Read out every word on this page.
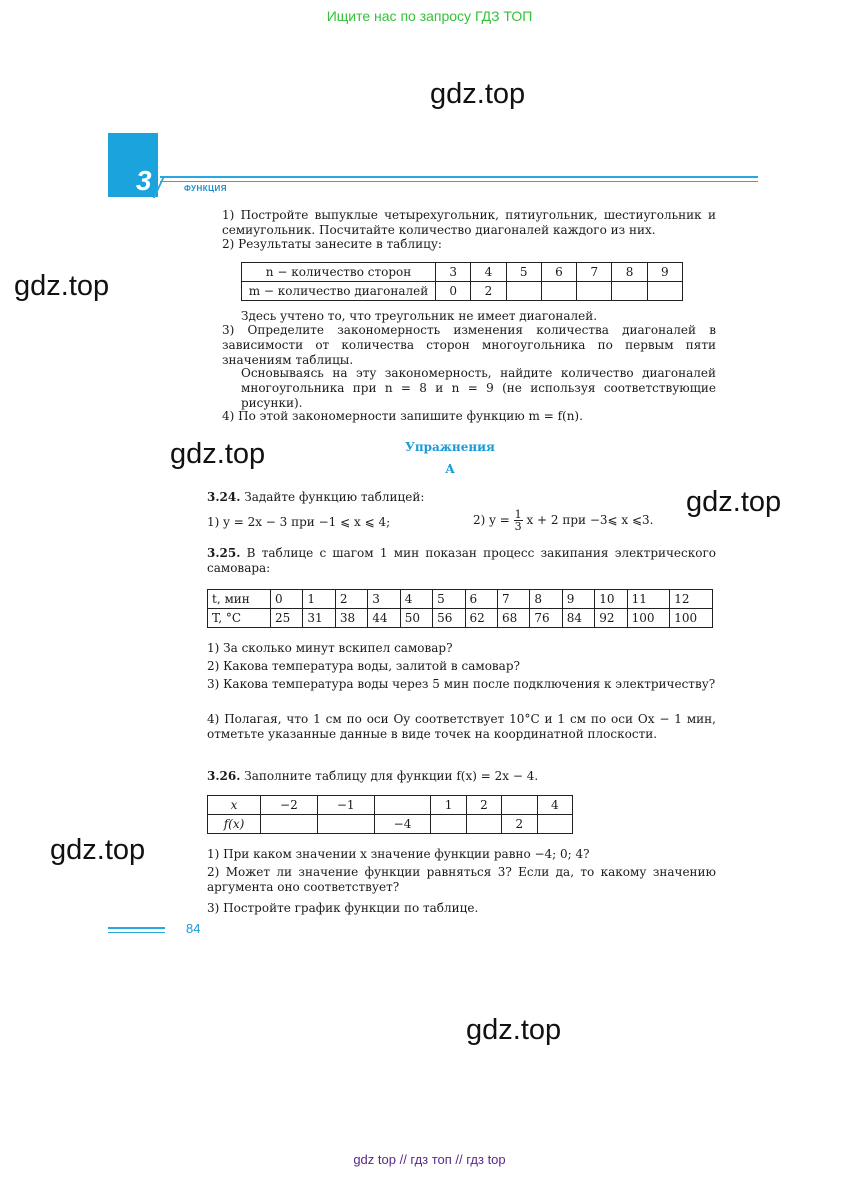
Ищите нас по запросу ГДЗ ТОП
gdz.top
gdz.top
gdz.top
gdz.top
gdz.top
gdz.top
3	ФУНКЦИЯ
1) Постройте выпуклые четырехугольник, пятиугольник, шестиугольник и семиугольник. Посчитайте количество диагоналей каждого из них.
2) Результаты занесите в таблицу:
n − количество сторон	3	4	5	6	7	8	9
m − количество диагоналей	0	2					
Здесь учтено то, что треугольник не имеет диагоналей.
3) Определите закономерность изменения количества диагоналей в зависимости от количества сторон многоугольника по первым пяти значениям таблицы.
Основываясь на эту закономерность, найдите количество диагоналей многоугольника при n = 8 и n = 9 (не используя соответствующие рисунки).
4) По этой закономерности запишите функцию m = f(n).
Упражнения
А
3.24. Задайте функцию таблицей:
1) y = 2x − 3 при −1 ⩽ x ⩽ 4;	2) $y = \frac{1}{3}$ x + 2 при −3⩽ x ⩽3.
3.25. В таблице с шагом 1 мин показан процесс закипания электрического самовара:
t, мин	0	1	2	3	4	5	6	7	8	9	10	11	12
T, °C	25	31	38	44	50	56	62	68	76	84	92	100	100
1) За сколько минут вскипел самовар?
2) Какова температура воды, залитой в самовар?
3) Какова температура воды через 5 мин после подключения к электричеству?
4) Полагая, что 1 см по оси Oy соответствует 10°C и 1 см по оси Ox − 1 мин, отметьте указанные данные в виде точек на координатной плоскости.
3.26. Заполните таблицу для функции f(x) = 2x − 4.
x	−2	−1		1	2		4
f(x)			−4			2	
1) При каком значении x значение функции равно −4; 0; 4?
2) Может ли значение функции равняться 3? Если да, то какому значению аргумента оно соответствует?
3) Постройте график функции по таблице.
84
gdz top // гдз топ // гдз top
